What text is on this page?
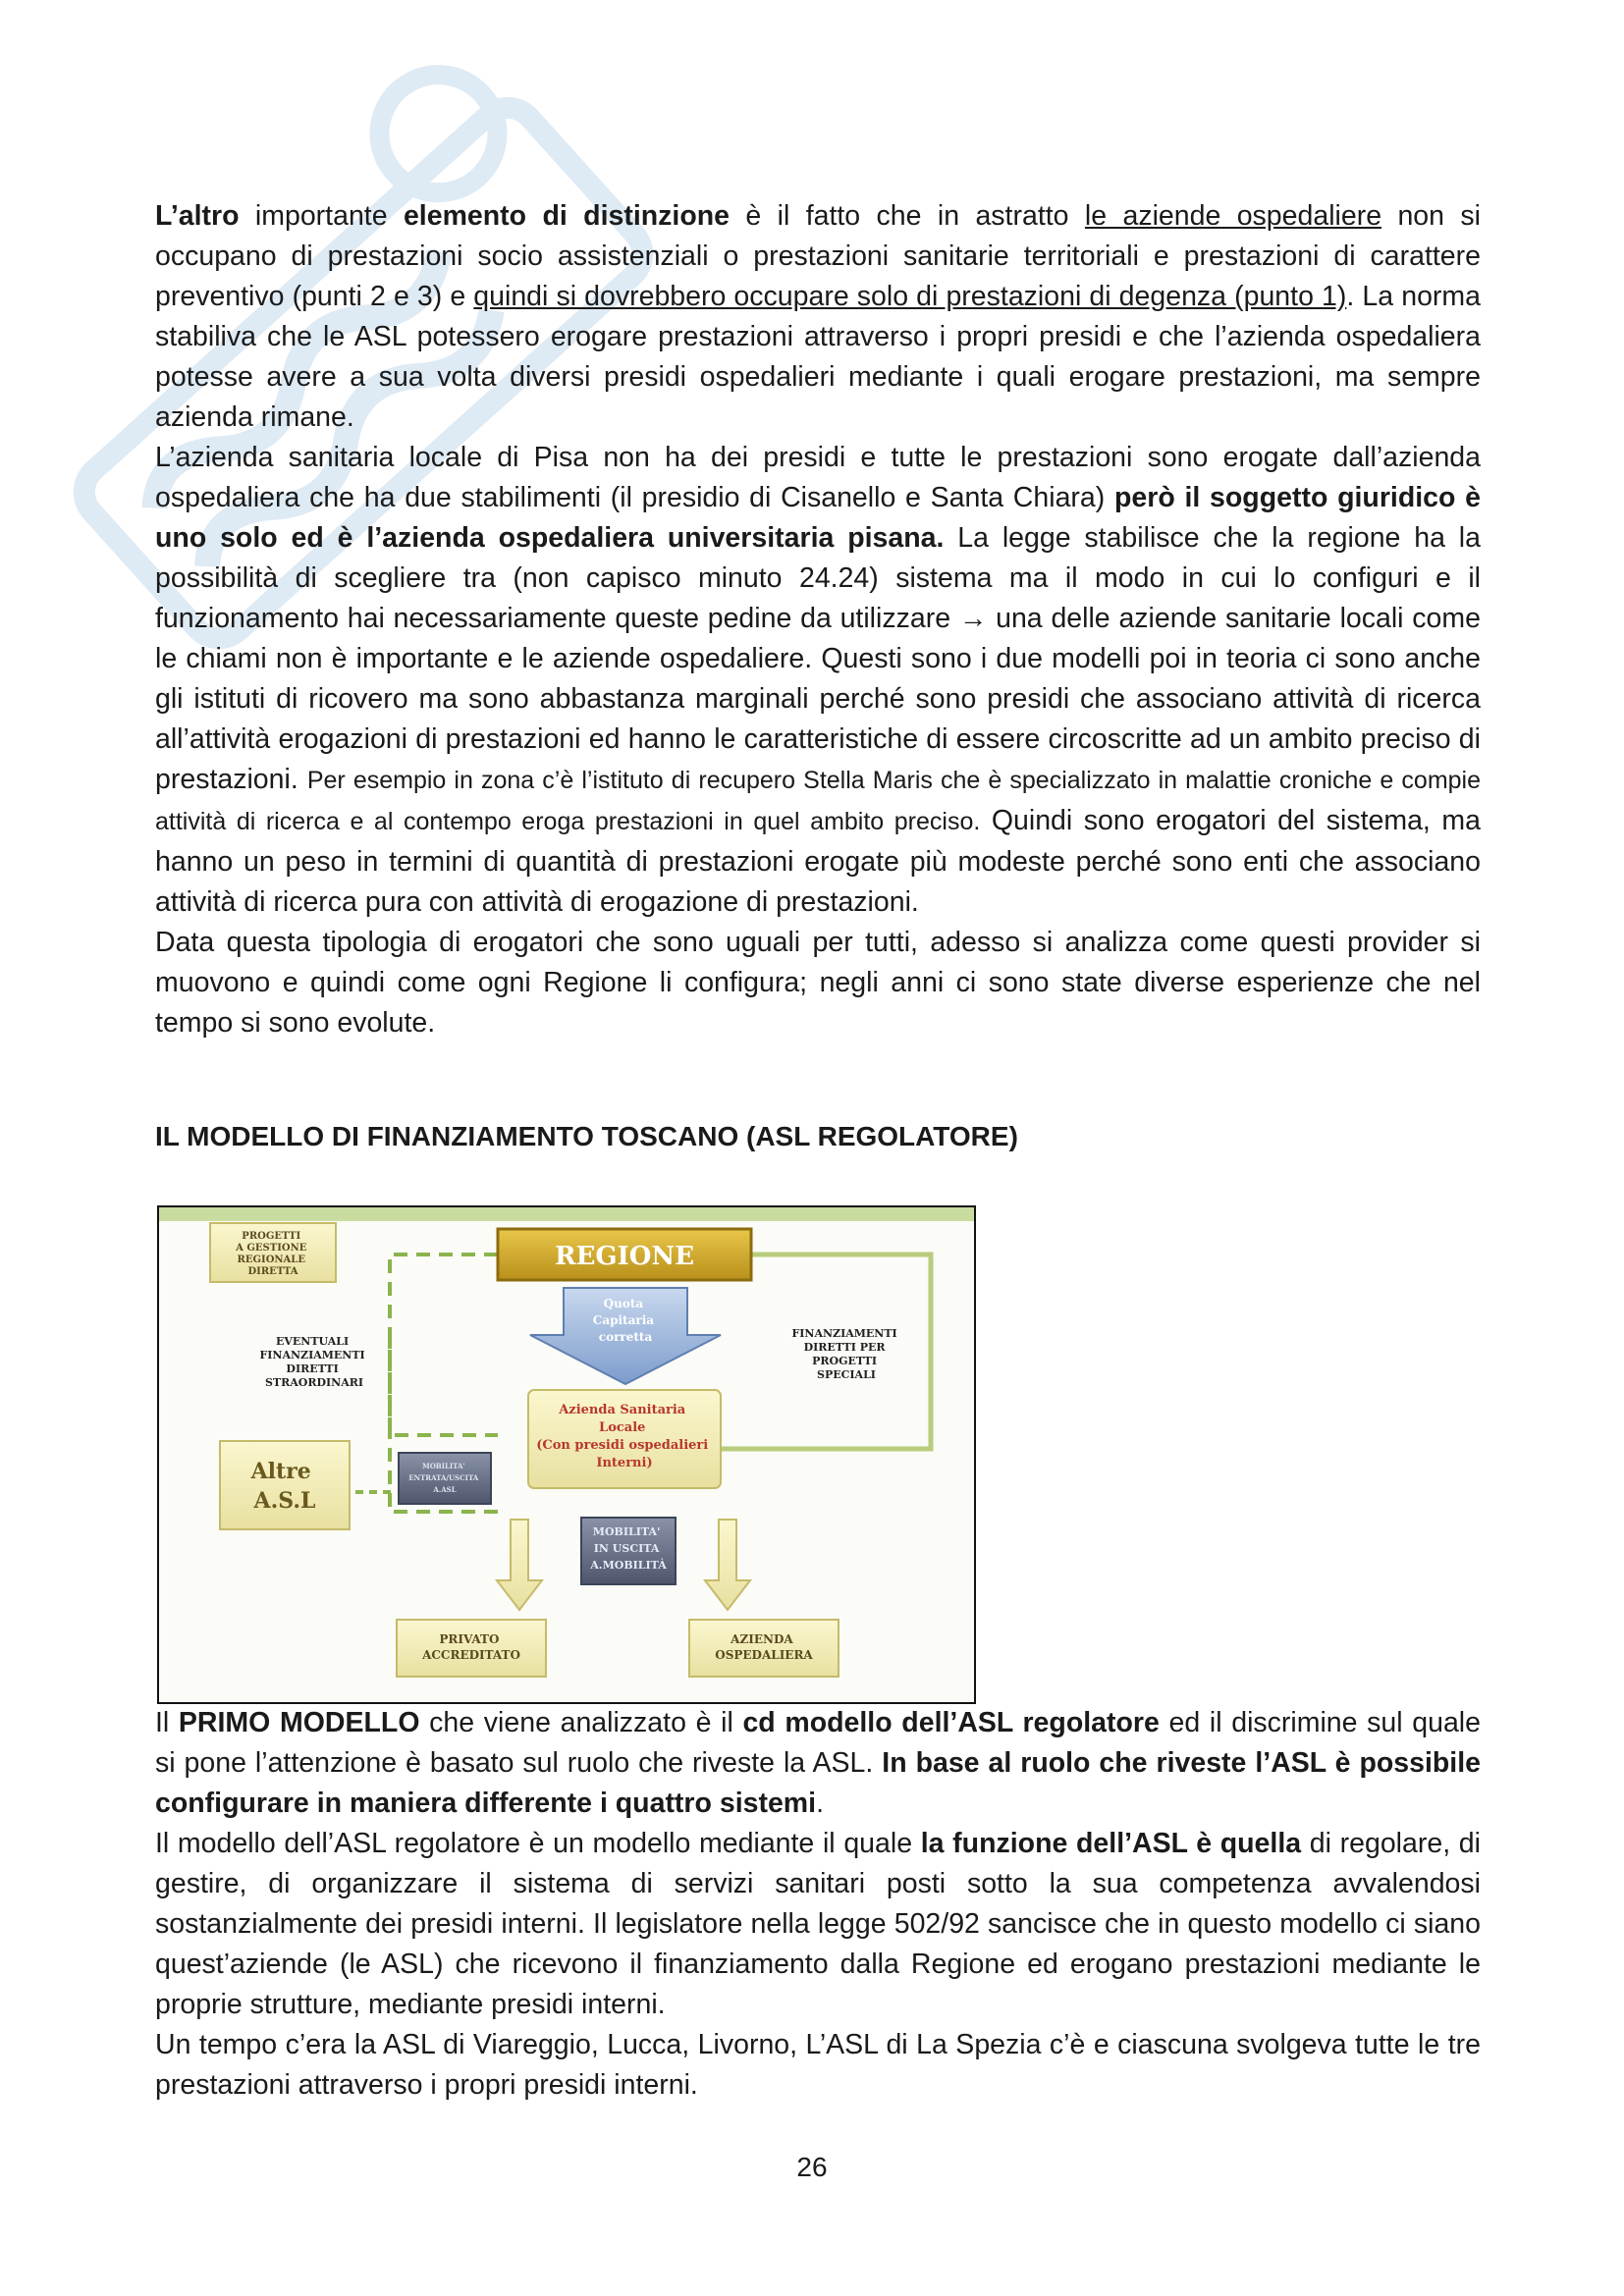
L’altro importante elemento di distinzione è il fatto che in astratto le aziende ospedaliere non si occupano di prestazioni socio assistenziali o prestazioni sanitarie territoriali e prestazioni di carattere preventivo (punti 2 e 3) e quindi si dovrebbero occupare solo di prestazioni di degenza (punto 1). La norma stabiliva che le ASL potessero erogare prestazioni attraverso i propri presidi e che l’azienda ospedaliera potesse avere a sua volta diversi presidi ospedalieri mediante i quali erogare prestazioni, ma sempre azienda rimane.

L’azienda sanitaria locale di Pisa non ha dei presidi e tutte le prestazioni sono erogate dall’azienda ospedaliera che ha due stabilimenti (il presidio di Cisanello e Santa Chiara) però il soggetto giuridico è uno solo ed è l’azienda ospedaliera universitaria pisana. La legge stabilisce che la regione ha la possibilità di scegliere tra (non capisco minuto 24.24) sistema ma il modo in cui lo configuri e il funzionamento hai necessariamente queste pedine da utilizzare → una delle aziende sanitarie locali come le chiami non è importante e le aziende ospedaliere. Questi sono i due modelli poi in teoria ci sono anche gli istituti di ricovero ma sono abbastanza marginali perché sono presidi che associano attività di ricerca all’attività erogazioni di prestazioni ed hanno le caratteristiche di essere circoscritte ad un ambito preciso di prestazioni. Per esempio in zona c’è l’istituto di recupero Stella Maris che è specializzato in malattie croniche e compie attività di ricerca e al contempo eroga prestazioni in quel ambito preciso. Quindi sono erogatori del sistema, ma hanno un peso in termini di quantità di prestazioni erogate più modeste perché sono enti che associano attività di ricerca pura con attività di erogazione di prestazioni.

Data questa tipologia di erogatori che sono uguali per tutti, adesso si analizza come questi provider si muovono e quindi come ogni Regione li configura; negli anni ci sono state diverse esperienze che nel tempo si sono evolute.

IL MODELLO DI FINANZIAMENTO TOSCANO (ASL REGOLATORE)
PROGETTI A GESTIONE REGIONALE DIRETTA
REGIONE
Quota Capitaria corretta
EVENTUALI FINANZIAMENTI DIRETTI STRAORDINARI
FINANZIAMENTI DIRETTI PER PROGETTI SPECIALI
Azienda Sanitaria Locale (Con presidi ospedalieri Interni)
Altre A.S.L
MOBILITA' ENTRATA/USCITA A.ASL
MOBILITA' IN USCITA A.MOBILITÀ
PRIVATO ACCREDITATO
AZIENDA OSPEDALIERA

Il PRIMO MODELLO che viene analizzato è il cd modello dell’ASL regolatore ed il discrimine sul quale si pone l’attenzione è basato sul ruolo che riveste la ASL. In base al ruolo che riveste l’ASL è possibile configurare in maniera differente i quattro sistemi.

Il modello dell’ASL regolatore è un modello mediante il quale la funzione dell’ASL è quella di regolare, di gestire, di organizzare il sistema di servizi sanitari posti sotto la sua competenza avvalendosi sostanzialmente dei presidi interni. Il legislatore nella legge 502/92 sancisce che in questo modello ci siano quest’aziende (le ASL) che ricevono il finanziamento dalla Regione ed erogano prestazioni mediante le proprie strutture, mediante presidi interni.

Un tempo c’era la ASL di Viareggio, Lucca, Livorno, L’ASL di La Spezia c’è e ciascuna svolgeva tutte le tre prestazioni attraverso i propri presidi interni.

26
